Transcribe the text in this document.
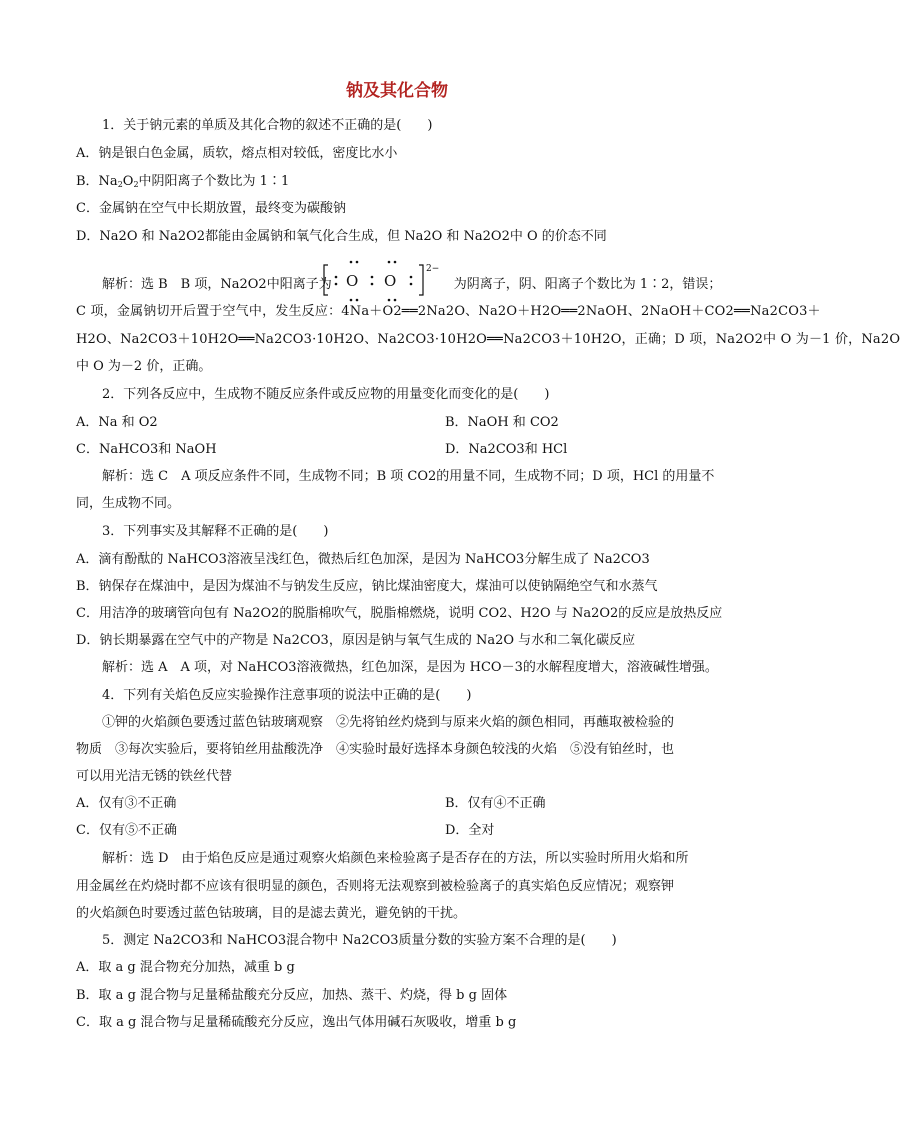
钠及其化合物
1．关于钠元素的单质及其化合物的叙述不正确的是(　　)
A．钠是银白色金属，质软，熔点相对较低，密度比水小
B．$Na_2O_2$中阴阳离子个数比为 1∶1
C．金属钠在空气中长期放置，最终变为碳酸钠
D．Na2O 和 Na2O2都能由金属钠和氧气化合生成，但 Na2O 和 Na2O2中 O 的价态不同
O O
2−
解析：选 B　B 项，Na2O2中阳离子为	为阴离子，阴、阳离子个数比为 1∶2，错误；
C 项，金属钠切开后置于空气中，发生反应：4Na＋O2══2Na2O、Na2O＋H2O══2NaOH、2NaOH＋CO2══Na2CO3＋
H2O、Na2CO3＋10H2O══Na2CO3·10H2O、Na2CO3·10H2O══Na2CO3＋10H2O，正确；D 项，Na2O2中 O 为－1 价，Na2O
中 O 为－2 价，正确。
2．下列各反应中，生成物不随反应条件或反应物的用量变化而变化的是(　　)
A．Na 和 O2	B．NaOH 和 CO2
C．NaHCO3和 NaOH	D．Na2CO3和 HCl
解析：选 C　A 项反应条件不同，生成物不同；B 项 CO2的用量不同，生成物不同；D 项，HCl 的用量不
同，生成物不同。
3．下列事实及其解释不正确的是(　　)
A．滴有酚酞的 NaHCO3溶液呈浅红色，微热后红色加深，是因为 NaHCO3分解生成了 Na2CO3
B．钠保存在煤油中，是因为煤油不与钠发生反应，钠比煤油密度大，煤油可以使钠隔绝空气和水蒸气
C．用洁净的玻璃管向包有 Na2O2的脱脂棉吹气，脱脂棉燃烧，说明 CO2、H2O 与 Na2O2的反应是放热反应
D．钠长期暴露在空气中的产物是 Na2CO3，原因是钠与氧气生成的 Na2O 与水和二氧化碳反应
解析：选 A　A 项，对 NaHCO3溶液微热，红色加深，是因为 HCO－3的水解程度增大，溶液碱性增强。
4．下列有关焰色反应实验操作注意事项的说法中正确的是(　　)
①钾的火焰颜色要透过蓝色钴玻璃观察　②先将铂丝灼烧到与原来火焰的颜色相同，再蘸取被检验的
物质　③每次实验后，要将铂丝用盐酸洗净　④实验时最好选择本身颜色较浅的火焰　⑤没有铂丝时，也
可以用光洁无锈的铁丝代替
A．仅有③不正确	B．仅有④不正确
C．仅有⑤不正确	D．全对
解析：选 D　由于焰色反应是通过观察火焰颜色来检验离子是否存在的方法，所以实验时所用火焰和所
用金属丝在灼烧时都不应该有很明显的颜色，否则将无法观察到被检验离子的真实焰色反应情况；观察钾
的火焰颜色时要透过蓝色钴玻璃，目的是滤去黄光，避免钠的干扰。
5．测定 Na2CO3和 NaHCO3混合物中 Na2CO3质量分数的实验方案不合理的是(　　)
A．取 a g 混合物充分加热，减重 b g
B．取 a g 混合物与足量稀盐酸充分反应，加热、蒸干、灼烧，得 b g 固体
C．取 a g 混合物与足量稀硫酸充分反应，逸出气体用碱石灰吸收，增重 b g
